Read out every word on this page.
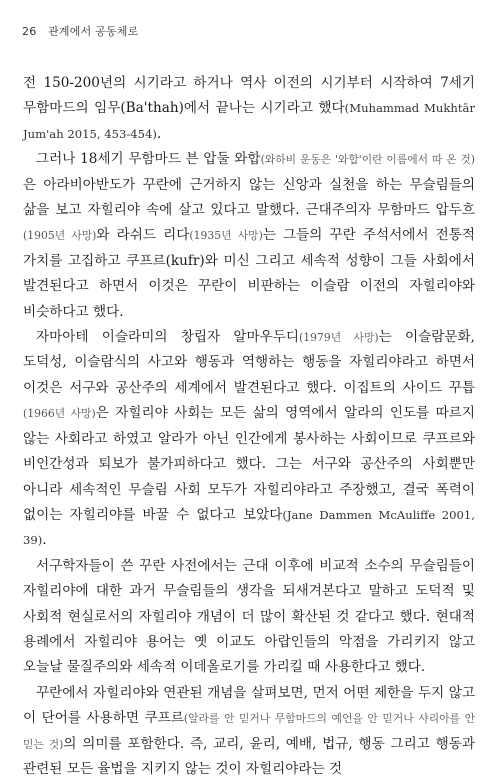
26 관계에서 공동체로

전 150-200년의 시기라고 하거나 역사 이전의 시기부터 시작하여 7세기 무함마드의 임무(Ba'thah)에서 끝나는 시기라고 했다(Muhammad Mukhtār Jum'ah 2015, 453-454).

그러나 18세기 무함마드 븐 압둘 와합(와하비 운동은 '와합'이란 이름에서 따 온 것)은 아라비아반도가 꾸란에 근거하지 않는 신앙과 실천을 하는 무슬림들의 삶을 보고 자힐리야 속에 살고 있다고 말했다. 근대주의자 무함마드 압두흐(1905년 사망)와 라쉬드 리다(1935년 사망)는 그들의 꾸란 주석서에서 전통적 가치를 고집하고 쿠프르(kufr)와 미신 그리고 세속적 성향이 그들 사회에서 발견된다고 하면서 이것은 꾸란이 비판하는 이슬람 이전의 자힐리야와 비슷하다고 했다.

자마아테 이슬라미의 창립자 알마우두디(1979년 사망)는 이슬람문화, 도덕성, 이슬람식의 사고와 행동과 역행하는 행동을 자힐리야라고 하면서 이것은 서구와 공산주의 세계에서 발견된다고 했다. 이집트의 사이드 꾸틉(1966년 사망)은 자힐리야 사회는 모든 삶의 영역에서 알라의 인도를 따르지 않는 사회라고 하였고 알라가 아닌 인간에게 봉사하는 사회이므로 쿠프르와 비인간성과 퇴보가 불가피하다고 했다. 그는 서구와 공산주의 사회뿐만 아니라 세속적인 무슬림 사회 모두가 자힐리야라고 주장했고, 결국 폭력이 없이는 자힐리야를 바꿀 수 없다고 보았다(Jane Dammen McAuliffe 2001, 39).

서구학자들이 쓴 꾸란 사전에서는 근대 이후에 비교적 소수의 무슬림들이 자힐리야에 대한 과거 무슬림들의 생각을 되새겨본다고 말하고 도덕적 및 사회적 현실로서의 자힐리야 개념이 더 많이 확산된 것 같다고 했다. 현대적 용례에서 자힐리야 용어는 옛 이교도 아랍인들의 악점을 가리키지 않고 오늘날 물질주의와 세속적 이데올로기를 가리킬 때 사용한다고 했다.

꾸란에서 자힐리야와 연관된 개념을 살펴보면, 먼저 어떤 제한을 두지 않고 이 단어를 사용하면 쿠프르(알라를 안 믿거나 무함마드의 예언을 안 믿거나 샤리아를 안 믿는 것)의 의미를 포함한다. 즉, 교리, 윤리, 예배, 법규, 행동 그리고 행동과 관련된 모든 율법을 지키지 않는 것이 자힐리야라는 것
